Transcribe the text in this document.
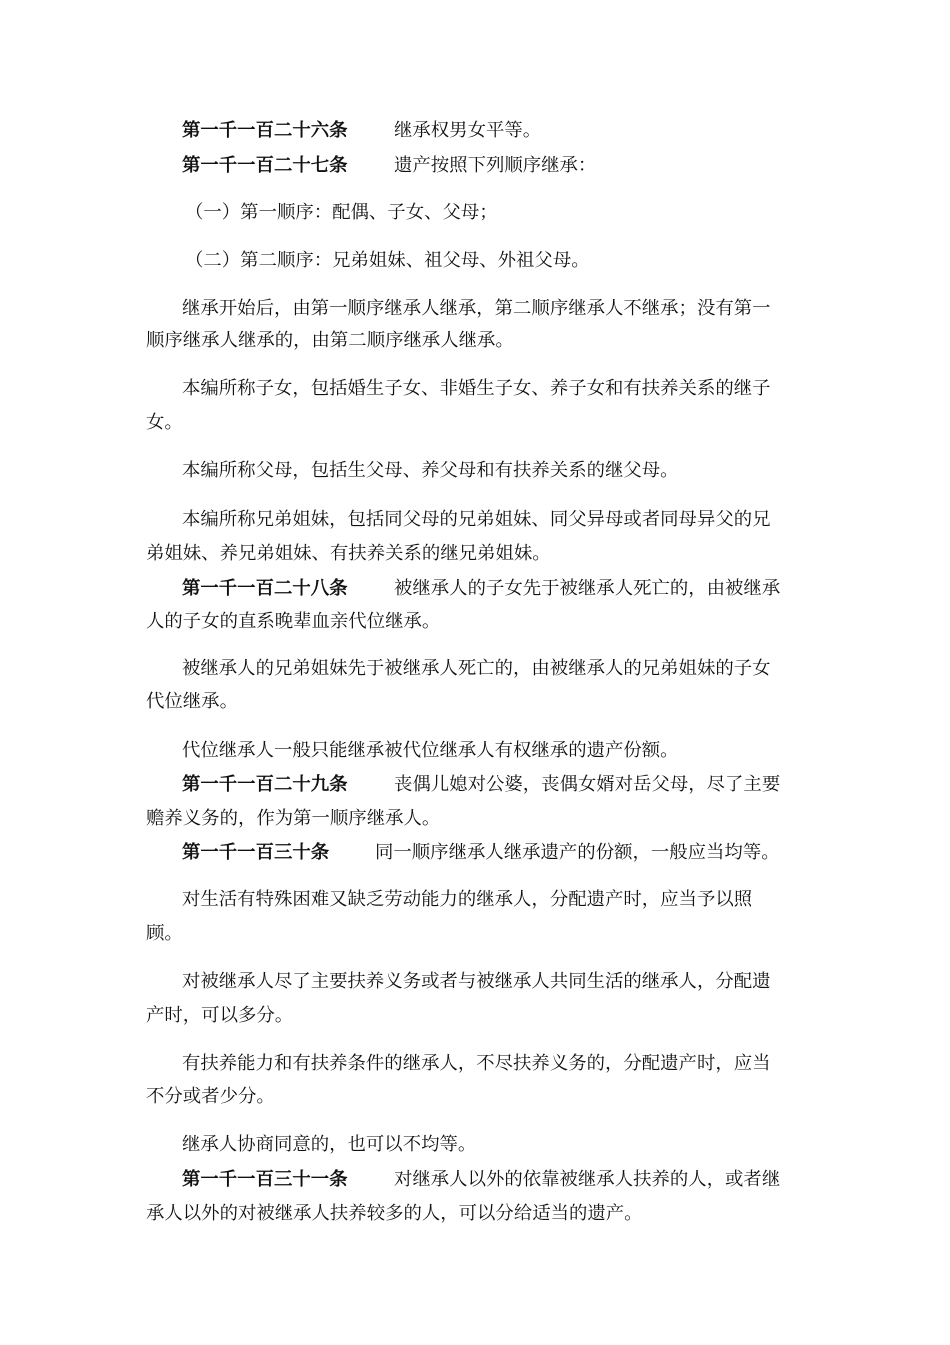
第一千一百二十六条	继承权男女平等。
第一千一百二十七条	遗产按照下列顺序继承：
（一）第一顺序：配偶、子女、父母；
（二）第二顺序：兄弟姐妹、祖父母、外祖父母。
继承开始后，由第一顺序继承人继承，第二顺序继承人不继承；没有第一
顺序继承人继承的，由第二顺序继承人继承。
本编所称子女，包括婚生子女、非婚生子女、养子女和有扶养关系的继子
女。
本编所称父母，包括生父母、养父母和有扶养关系的继父母。
本编所称兄弟姐妹，包括同父母的兄弟姐妹、同父异母或者同母异父的兄
弟姐妹、养兄弟姐妹、有扶养关系的继兄弟姐妹。
第一千一百二十八条	被继承人的子女先于被继承人死亡的，由被继承
人的子女的直系晚辈血亲代位继承。
被继承人的兄弟姐妹先于被继承人死亡的，由被继承人的兄弟姐妹的子女
代位继承。
代位继承人一般只能继承被代位继承人有权继承的遗产份额。
第一千一百二十九条	丧偶儿媳对公婆，丧偶女婿对岳父母，尽了主要
赡养义务的，作为第一顺序继承人。
第一千一百三十条 同一顺序继承人继承遗产的份额，一般应当均等。
对生活有特殊困难又缺乏劳动能力的继承人，分配遗产时，应当予以照
顾。
对被继承人尽了主要扶养义务或者与被继承人共同生活的继承人，分配遗
产时，可以多分。
有扶养能力和有扶养条件的继承人，不尽扶养义务的，分配遗产时，应当
不分或者少分。
继承人协商同意的，也可以不均等。
第一千一百三十一条	对继承人以外的依靠被继承人扶养的人，或者继
承人以外的对被继承人扶养较多的人，可以分给适当的遗产。
